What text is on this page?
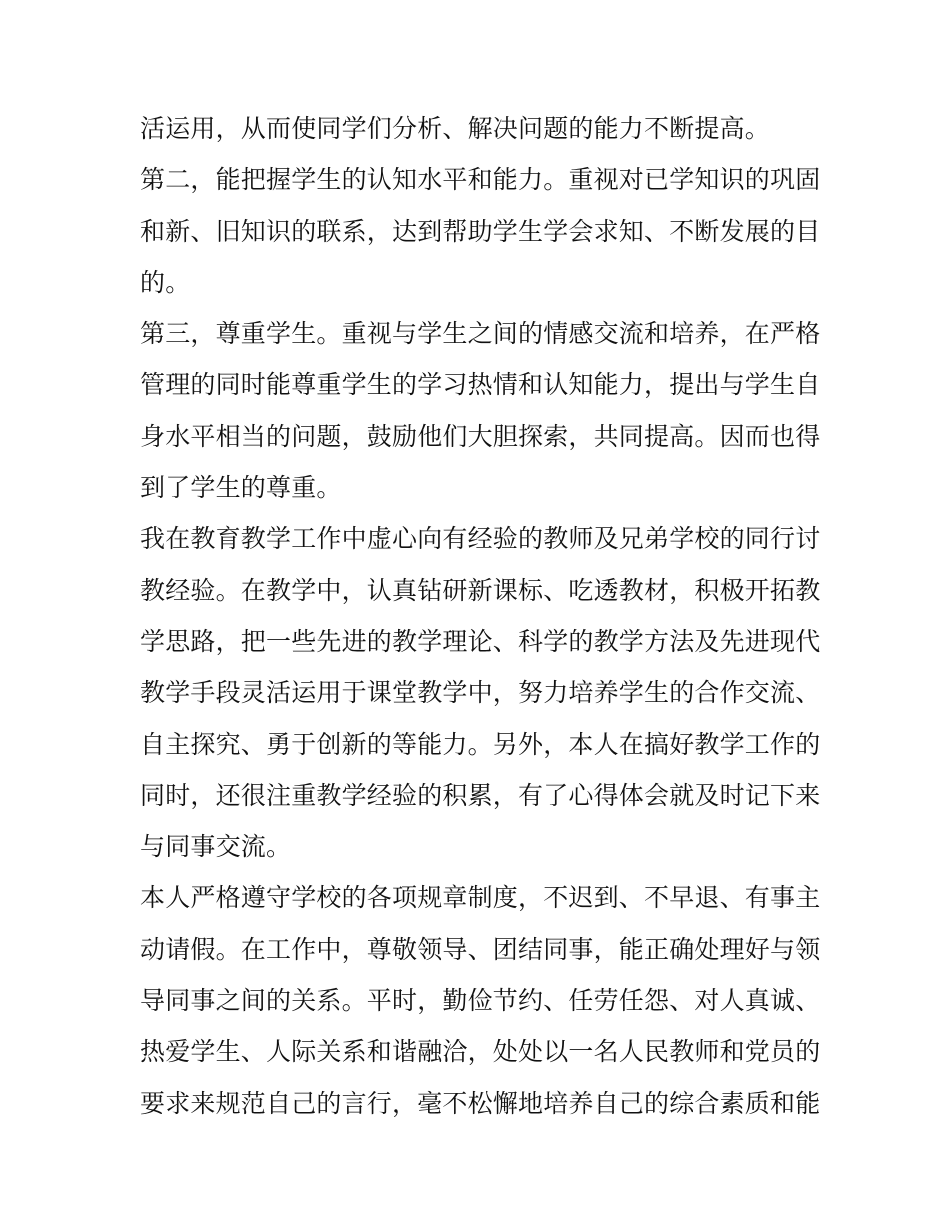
活运用，从而使同学们分析、解决问题的能力不断提高。
第二，能把握学生的认知水平和能力。重视对已学知识的巩固
和新、旧知识的联系，达到帮助学生学会求知、不断发展的目
的。
第三，尊重学生。重视与学生之间的情感交流和培养，在严格
管理的同时能尊重学生的学习热情和认知能力，提出与学生自
身水平相当的问题，鼓励他们大胆探索，共同提高。因而也得
到了学生的尊重。
我在教育教学工作中虚心向有经验的教师及兄弟学校的同行讨
教经验。在教学中，认真钻研新课标、吃透教材，积极开拓教
学思路，把一些先进的教学理论、科学的教学方法及先进现代
教学手段灵活运用于课堂教学中，努力培养学生的合作交流、
自主探究、勇于创新的等能力。另外，本人在搞好教学工作的
同时，还很注重教学经验的积累，有了心得体会就及时记下来
与同事交流。
本人严格遵守学校的各项规章制度，不迟到、不早退、有事主
动请假。在工作中，尊敬领导、团结同事，能正确处理好与领
导同事之间的关系。平时，勤俭节约、任劳任怨、对人真诚、
热爱学生、人际关系和谐融洽，处处以一名人民教师和党员的
要求来规范自己的言行，毫不松懈地培养自己的综合素质和能
